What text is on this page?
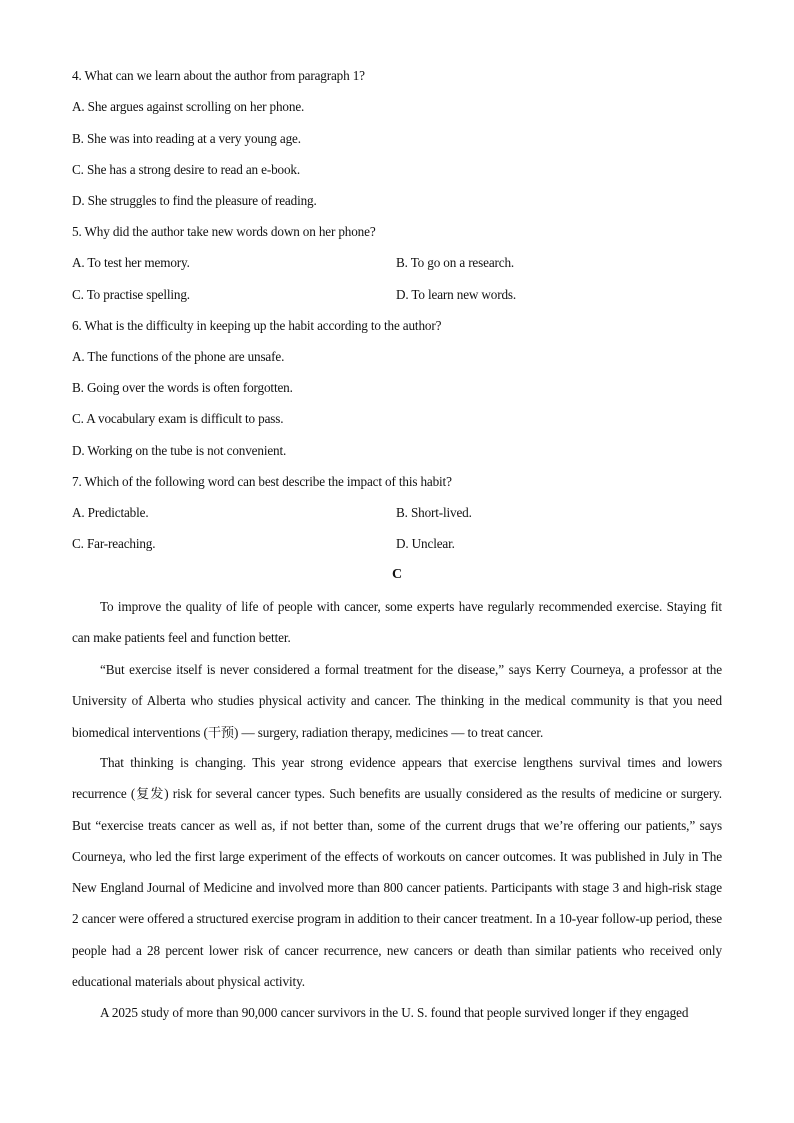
4. What can we learn about the author from paragraph 1?
A. She argues against scrolling on her phone.
B. She was into reading at a very young age.
C. She has a strong desire to read an e-book.
D. She struggles to find the pleasure of reading.
5. Why did the author take new words down on her phone?
A. To test her memory.	B. To go on a research.
C. To practise spelling.	D. To learn new words.
6. What is the difficulty in keeping up the habit according to the author?
A. The functions of the phone are unsafe.
B. Going over the words is often forgotten.
C. A vocabulary exam is difficult to pass.
D. Working on the tube is not convenient.
7. Which of the following word can best describe the impact of this habit?
A. Predictable.	B. Short-lived.
C. Far-reaching.	D. Unclear.
C
To improve the quality of life of people with cancer, some experts have regularly recommended exercise. Staying fit can make patients feel and function better.
“But exercise itself is never considered a formal treatment for the disease,” says Kerry Courneya, a professor at the University of Alberta who studies physical activity and cancer. The thinking in the medical community is that you need biomedical interventions (干预) — surgery, radiation therapy, medicines — to treat cancer.
That thinking is changing. This year strong evidence appears that exercise lengthens survival times and lowers recurrence (复发) risk for several cancer types. Such benefits are usually considered as the results of medicine or surgery. But “exercise treats cancer as well as, if not better than, some of the current drugs that we’re offering our patients,” says Courneya, who led the first large experiment of the effects of workouts on cancer outcomes. It was published in July in The New England Journal of Medicine and involved more than 800 cancer patients. Participants with stage 3 and high-risk stage 2 cancer were offered a structured exercise program in addition to their cancer treatment. In a 10-year follow-up period, these people had a 28 percent lower risk of cancer recurrence, new cancers or death than similar patients who received only educational materials about physical activity.
A 2025 study of more than 90,000 cancer survivors in the U. S. found that people survived longer if they engaged
